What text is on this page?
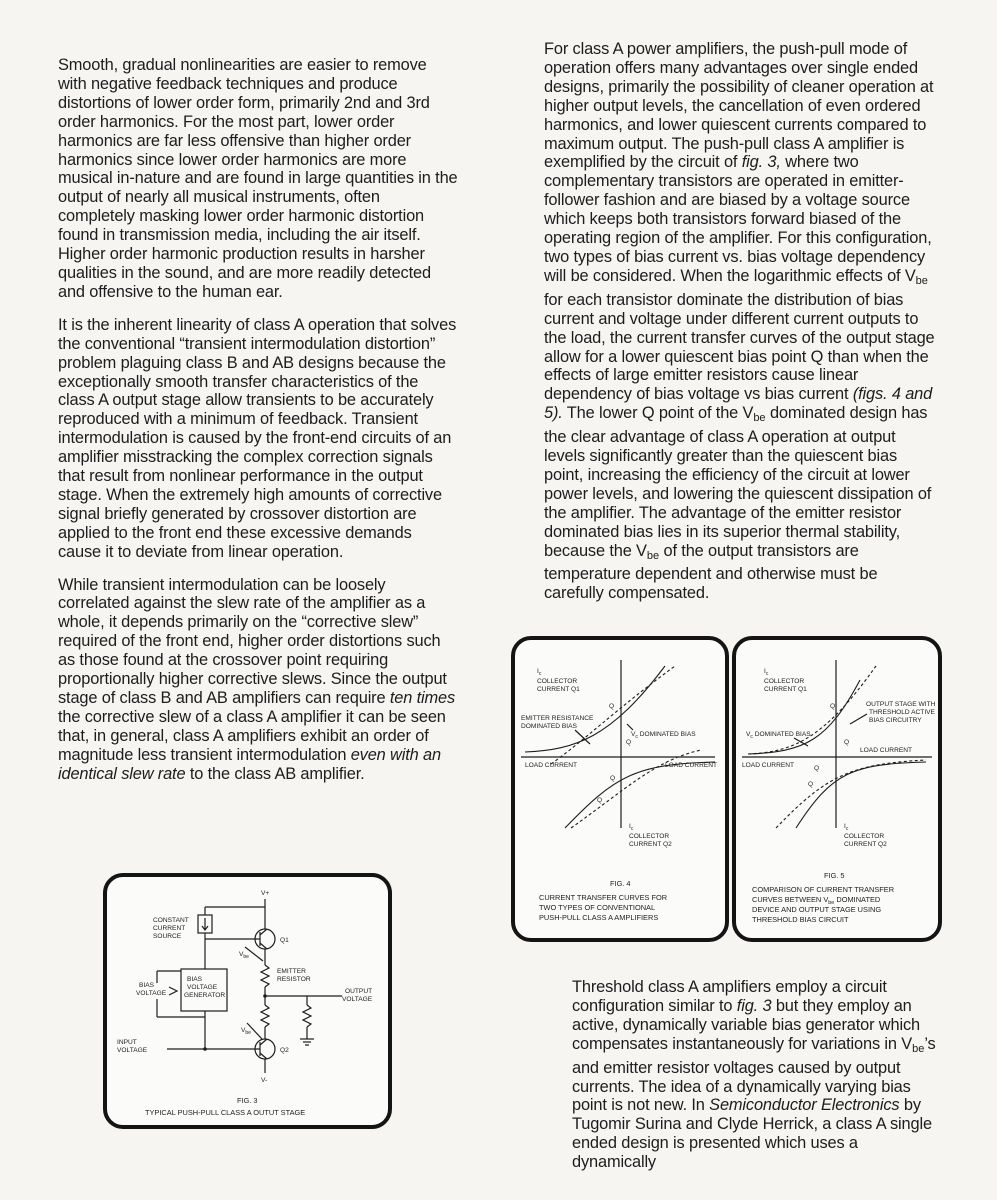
Smooth, gradual nonlinearities are easier to remove with negative feedback techniques and produce distortions of lower order form, primarily 2nd and 3rd order harmonics. For the most part, lower order harmonics are far less offensive than higher order harmonics since lower order harmonics are more musical in-nature and are found in large quantities in the output of nearly all musical instruments, often completely masking lower order harmonic distortion found in transmission media, including the air itself. Higher order harmonic production results in harsher qualities in the sound, and are more readily detected and offensive to the human ear.

It is the inherent linearity of class A operation that solves the conventional “transient intermodulation distortion” problem plaguing class B and AB designs because the exceptionally smooth transfer characteristics of the class A output stage allow transients to be accurately reproduced with a minimum of feedback. Transient intermodulation is caused by the front-end circuits of an amplifier misstracking the complex correction signals that result from nonlinear performance in the output stage. When the extremely high amounts of corrective signal briefly generated by crossover distortion are applied to the front end these excessive demands cause it to deviate from linear operation.

While transient intermodulation can be loosely correlated against the slew rate of the amplifier as a whole, it depends primarily on the “corrective slew” required of the front end, higher order distortions such as those found at the crossover point requiring proportionally higher corrective slews. Since the output stage of class B and AB amplifiers can require ten times the corrective slew of a class A amplifier it can be seen that, in general, class A amplifiers exhibit an order of magnitude less transient intermodulation even with an identical slew rate to the class AB amplifier.

For class A power amplifiers, the push-pull mode of operation offers many advantages over single ended designs, primarily the possibility of cleaner operation at higher output levels, the cancellation of even ordered harmonics, and lower quiescent currents compared to maximum output. The push-pull class A amplifier is exemplified by the circuit of fig. 3, where two complementary transistors are operated in emitter-follower fashion and are biased by a voltage source which keeps both transistors forward biased of the operating region of the amplifier. For this configuration, two types of bias current vs. bias voltage dependency will be considered. When the logarithmic effects of $V_{be}$ for each transistor dominate the distribution of bias current and voltage under different current outputs to the load, the current transfer curves of the output stage allow for a lower quiescent bias point Q than when the effects of large emitter resistors cause linear dependency of bias voltage vs bias current (figs. 4 and 5). The lower Q point of the $V_{be}$ dominated design has the clear advantage of class A operation at output levels significantly greater than the quiescent bias point, increasing the efficiency of the circuit at lower power levels, and lowering the quiescent dissipation of the amplifier. The advantage of the emitter resistor dominated bias lies in its superior thermal stability, because the $V_{be}$ of the output transistors are temperature dependent and otherwise must be carefully compensated.

Threshold class A amplifiers employ a circuit configuration similar to fig. 3 but they employ an active, dynamically variable bias generator which compensates instantaneously for variations in $V_{be}’s$ and emitter resistor voltages caused by output currents. The idea of a dynamically varying bias point is not new. In Semiconductor Electronics by Tugomir Surina and Clyde Herrick, a class A single ended design is presented which uses a dynamically

V+
CONSTANT
CURRENT
SOURCE
Q1
$V_{be}$
EMITTER
RESISTOR
OUTPUT
VOLTAGE
BIAS
VOLTAGE
GENERATOR
BIAS
VOLTAGE
Q2
INPUT
VOLTAGE
$V_{be}$
V-
FIG. 3
TYPICAL PUSH-PULL CLASS A OUTUT STAGE
$I_c$
COLLECTOR
CURRENT Q1
EMITTER RESISTANCE
DOMINATED BIAS
$V_c$ DOMINATED BIAS
Q
Q
Q
Q
LOAD CURRENT	LOAD CURRENT
$I_c$
COLLECTOR
CURRENT Q2
FIG. 4
CURRENT TRANSFER CURVES FOR
TWO TYPES OF CONVENTIONAL
PUSH-PULL CLASS A AMPLIFIERS
$I_c$
COLLECTOR
CURRENT Q1
OUTPUT STAGE WITH
THRESHOLD ACTIVE
BIAS CIRCUITRY
$V_c$ DOMINATED BIAS
Q
Q
Q
Q
LOAD CURRENT
LOAD CURRENT
$I_c$
COLLECTOR
CURRENT Q2
FIG. 5
COMPARISON OF CURRENT TRANSFER
CURVES BETWEEN $V_{be}$ DOMINATED
DEVICE AND OUTPUT STAGE USING
THRESHOLD BIAS CIRCUIT
